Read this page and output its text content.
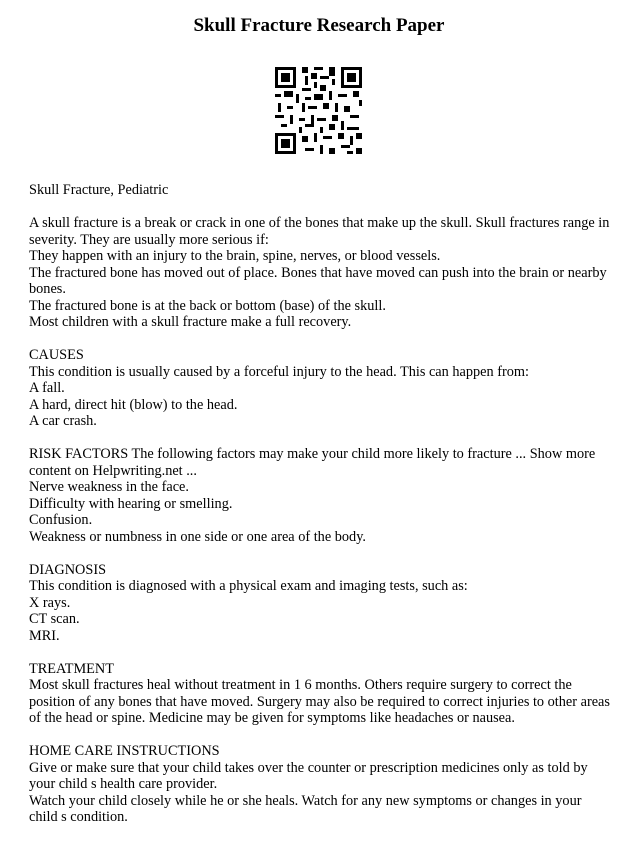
Skull Fracture Research Paper
Skull Fracture, Pediatric
A skull fracture is a break or crack in one of the bones that make up the skull. Skull fractures range in severity. They are usually more serious if:
They happen with an injury to the brain, spine, nerves, or blood vessels.
The fractured bone has moved out of place. Bones that have moved can push into the brain or nearby bones.
The fractured bone is at the back or bottom (base) of the skull.
Most children with a skull fracture make a full recovery.
CAUSES
This condition is usually caused by a forceful injury to the head. This can happen from:
A fall.
A hard, direct hit (blow) to the head.
A car crash.
RISK FACTORS The following factors may make your child more likely to fracture ... Show more content on Helpwriting.net ...
Nerve weakness in the face.
Difficulty with hearing or smelling.
Confusion.
Weakness or numbness in one side or one area of the body.
DIAGNOSIS
This condition is diagnosed with a physical exam and imaging tests, such as:
X rays.
CT scan.
MRI.
TREATMENT
Most skull fractures heal without treatment in 1 6 months. Others require surgery to correct the position of any bones that have moved. Surgery may also be required to correct injuries to other areas of the head or spine. Medicine may be given for symptoms like headaches or nausea.
HOME CARE INSTRUCTIONS
Give or make sure that your child takes over the counter or prescription medicines only as told by your child s health care provider.
Watch your child closely while he or she heals. Watch for any new symptoms or changes in your child s condition.
